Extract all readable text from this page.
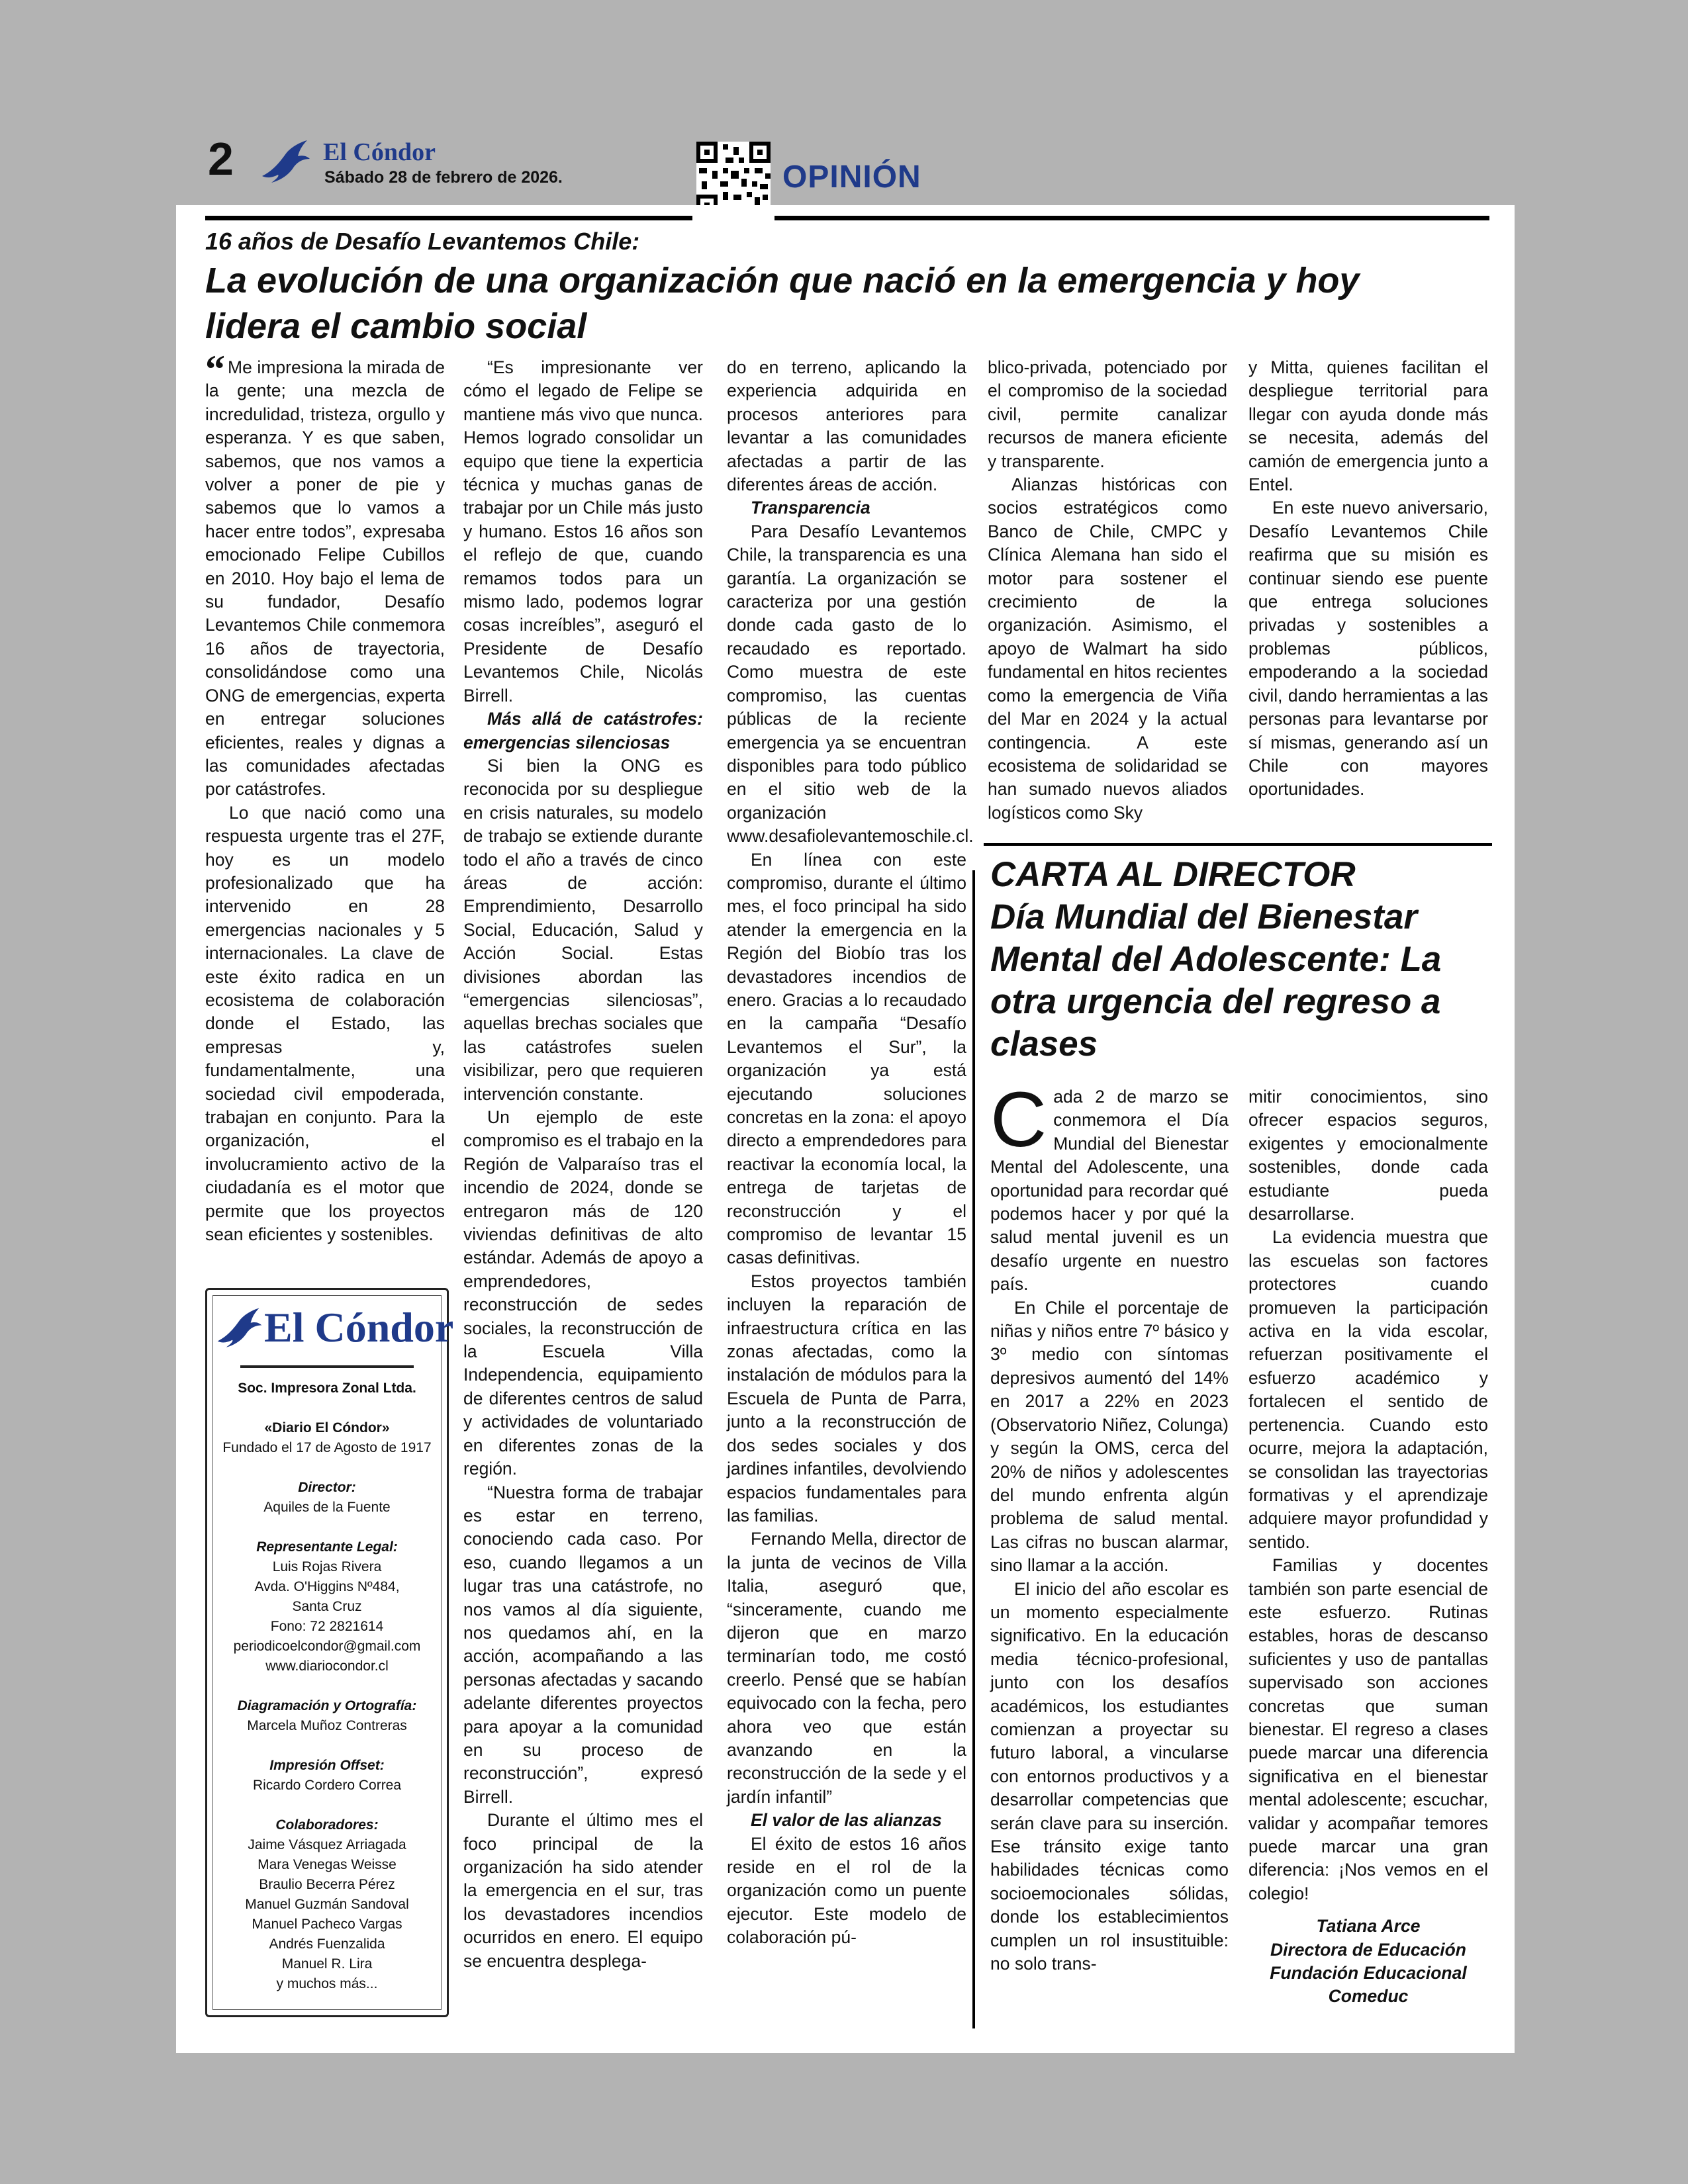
2	El Cóndor
Sábado 28 de febrero de 2026.	OPINIÓN
16 años de Desafío Levantemos Chile:
La evolución de una organización que nació en la emergencia y hoy lidera el cambio social

“ Me impresiona la mirada de la gente; una mezcla de incredulidad, tristeza, orgullo y esperanza. Y es que saben, sabemos, que nos vamos a volver a poner de pie y sabemos que lo vamos a hacer entre todos”, expresaba emocionado Felipe Cubillos en 2010. Hoy bajo el lema de su fundador, Desafío Levantemos Chile conmemora 16 años de trayectoria, consolidándose como una ONG de emergencias, experta en entregar soluciones eficientes, reales y dignas a las comunidades afectadas por catástrofes.

Lo que nació como una respuesta urgente tras el 27F, hoy es un modelo profesionalizado que ha intervenido en 28 emergencias nacionales y 5 internacionales. La clave de este éxito radica en un ecosistema de colaboración donde el Estado, las empresas y, fundamentalmente, una sociedad civil empoderada, trabajan en conjunto. Para la organización, el involucramiento activo de la ciudadanía es el motor que permite que los proyectos sean eficientes y sostenibles.

“Es impresionante ver cómo el legado de Felipe se mantiene más vivo que nunca. Hemos logrado consolidar un equipo que tiene la experticia técnica y muchas ganas de trabajar por un Chile más justo y humano. Estos 16 años son el reflejo de que, cuando remamos todos para un mismo lado, podemos lograr cosas increíbles”, aseguró el Presidente de Desafío Levantemos Chile, Nicolás Birrell.

Más allá de catástrofes: emergencias silenciosas

Si bien la ONG es reconocida por su despliegue en crisis naturales, su modelo de trabajo se extiende durante todo el año a través de cinco áreas de acción: Emprendimiento, Desarrollo Social, Educación, Salud y Acción Social. Estas divisiones abordan las “emergencias silenciosas”, aquellas brechas sociales que las catástrofes suelen visibilizar, pero que requieren intervención constante.

Un ejemplo de este compromiso es el trabajo en la Región de Valparaíso tras el incendio de 2024, donde se entregaron más de 120 viviendas definitivas de alto estándar. Además de apoyo a emprendedores, reconstrucción de sedes sociales, la reconstrucción de la Escuela Villa Independencia, equipamiento de diferentes centros de salud y actividades de voluntariado en diferentes zonas de la región.

“Nuestra forma de trabajar es estar en terreno, conociendo cada caso. Por eso, cuando llegamos a un lugar tras una catástrofe, no nos vamos al día siguiente, nos quedamos ahí, en la acción, acompañando a las personas afectadas y sacando adelante diferentes proyectos para apoyar a la comunidad en su proceso de reconstrucción”, expresó Birrell.

Durante el último mes el foco principal de la organización ha sido atender la emergencia en el sur, tras los devastadores incendios ocurridos en enero. El equipo se encuentra desplega-

do en terreno, aplicando la experiencia adquirida en procesos anteriores para levantar a las comunidades afectadas a partir de las diferentes áreas de acción.

Transparencia

Para Desafío Levantemos Chile, la transparencia es una garantía. La organización se caracteriza por una gestión donde cada gasto de lo recaudado es reportado. Como muestra de este compromiso, las cuentas públicas de la reciente emergencia ya se encuentran disponibles para todo público en el sitio web de la organización www.desafiolevantemoschile.cl.

En línea con este compromiso, durante el último mes, el foco principal ha sido atender la emergencia en la Región del Biobío tras los devastadores incendios de enero. Gracias a lo recaudado en la campaña “Desafío Levantemos el Sur”, la organización ya está ejecutando soluciones concretas en la zona: el apoyo directo a emprendedores para reactivar la economía local, la entrega de tarjetas de reconstrucción y el compromiso de levantar 15 casas definitivas.

Estos proyectos también incluyen la reparación de infraestructura crítica en las zonas afectadas, como la instalación de módulos para la Escuela de Punta de Parra, junto a la reconstrucción de dos sedes sociales y dos jardines infantiles, devolviendo espacios fundamentales para las familias.

Fernando Mella, director de la junta de vecinos de Villa Italia, aseguró que, “sinceramente, cuando me dijeron que en marzo terminarían todo, me costó creerlo. Pensé que se habían equivocado con la fecha, pero ahora veo que están avanzando en la reconstrucción de la sede y el jardín infantil”

El valor de las alianzas

El éxito de estos 16 años reside en el rol de la organización como un puente ejecutor. Este modelo de colaboración pú-

blico-privada, potenciado por el compromiso de la sociedad civil, permite canalizar recursos de manera eficiente y transparente.

Alianzas históricas con socios estratégicos como Banco de Chile, CMPC y Clínica Alemana han sido el motor para sostener el crecimiento de la organización. Asimismo, el apoyo de Walmart ha sido fundamental en hitos recientes como la emergencia de Viña del Mar en 2024 y la actual contingencia. A este ecosistema de solidaridad se han sumado nuevos aliados logísticos como Sky

y Mitta, quienes facilitan el despliegue territorial para llegar con ayuda donde más se necesita, además del camión de emergencia junto a Entel.

En este nuevo aniversario, Desafío Levantemos Chile reafirma que su misión es continuar siendo ese puente que entrega soluciones privadas y sostenibles a problemas públicos, empoderando a la sociedad civil, dando herramientas a las personas para levantarse por sí mismas, generando así un Chile con mayores oportunidades.

CARTA AL DIRECTOR
Día Mundial del Bienestar Mental del Adolescente: La otra urgencia del regreso a clases

Cada 2 de marzo se conmemora el Día Mundial del Bienestar Mental del Adolescente, una oportunidad para recordar qué podemos hacer y por qué la salud mental juvenil es un desafío urgente en nuestro país.

En Chile el porcentaje de niñas y niños entre 7º básico y 3º medio con síntomas depresivos aumentó del 14% en 2017 a 22% en 2023 (Observatorio Niñez, Colunga) y según la OMS, cerca del 20% de niños y adolescentes del mundo enfrenta algún problema de salud mental. Las cifras no buscan alarmar, sino llamar a la acción.

El inicio del año escolar es un momento especialmente significativo. En la educación media técnico-profesional, junto con los desafíos académicos, los estudiantes comienzan a proyectar su futuro laboral, a vincularse con entornos productivos y a desarrollar competencias que serán clave para su inserción. Ese tránsito exige tanto habilidades técnicas como socioemocionales sólidas, donde los establecimientos cumplen un rol insustituible: no solo trans-

mitir conocimientos, sino ofrecer espacios seguros, exigentes y emocionalmente sostenibles, donde cada estudiante pueda desarrollarse.

La evidencia muestra que las escuelas son factores protectores cuando promueven la participación activa en la vida escolar, refuerzan positivamente el esfuerzo académico y fortalecen el sentido de pertenencia. Cuando esto ocurre, mejora la adaptación, se consolidan las trayectorias formativas y el aprendizaje adquiere mayor profundidad y sentido.

Familias y docentes también son parte esencial de este esfuerzo. Rutinas estables, horas de descanso suficientes y uso de pantallas supervisado son acciones concretas que suman bienestar. El regreso a clases puede marcar una diferencia significativa en el bienestar mental adolescente; escuchar, validar y acompañar temores puede marcar una gran diferencia: ¡Nos vemos en el colegio!

Tatiana Arce
Directora de Educación
Fundación Educacional
Comeduc
El Cóndor
Soc. Impresora Zonal Ltda.
«Diario El Cóndor»
Fundado el 17 de Agosto de 1917
Director:
Aquiles de la Fuente
Representante Legal:
Luis Rojas Rivera
Avda. O'Higgins Nº484,
Santa Cruz
Fono: 72 2821614
periodicoelcondor@gmail.com
www.diariocondor.cl
Diagramación y Ortografía:
Marcela Muñoz Contreras
Impresión Offset:
Ricardo Cordero Correa
Colaboradores:
Jaime Vásquez Arriagada
Mara Venegas Weisse
Braulio Becerra Pérez
Manuel Guzmán Sandoval
Manuel Pacheco Vargas
Andrés Fuenzalida
Manuel R. Lira
y muchos más...
